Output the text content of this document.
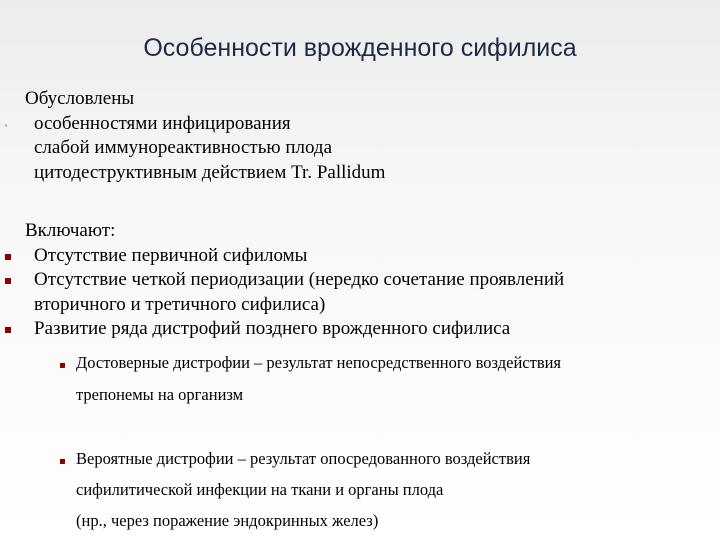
Особенности врожденного сифилиса
Обусловлены
особенностями инфицирования
слабой иммунореактивностью плода
цитодеструктивным действием Tr. Pallidum
Включают:
Отсутствие первичной сифиломы
Отсутствие четкой периодизации (нередко сочетание проявлений
вторичного и третичного сифилиса)
Развитие ряда дистрофий позднего врожденного сифилиса
Достоверные дистрофии – результат непосредственного воздействия
трепонемы на организм
Вероятные дистрофии – результат опосредованного воздействия
сифилитической инфекции на ткани и органы плода
(нр., через поражение эндокринных желез)
